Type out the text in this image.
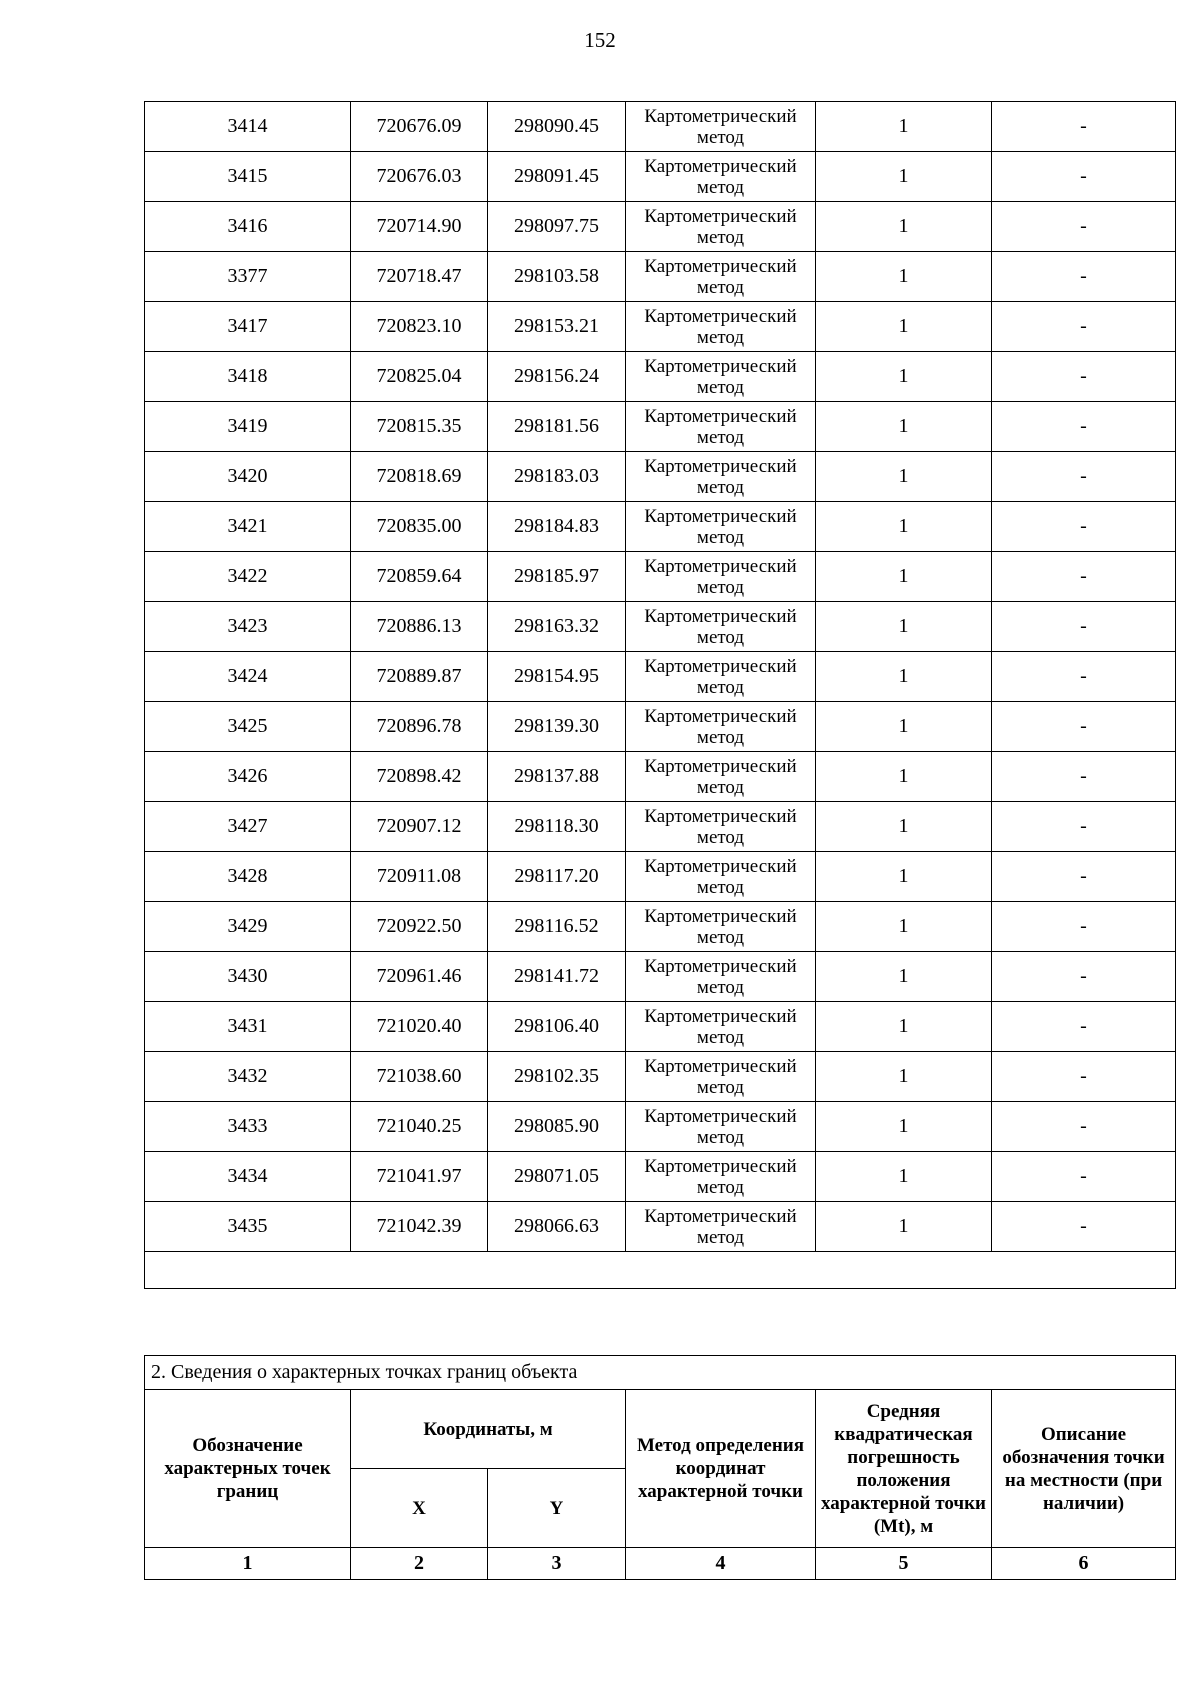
152
3414	720676.09	298090.45	Картометрический метод	1	-
3415	720676.03	298091.45	Картометрический метод	1	-
3416	720714.90	298097.75	Картометрический метод	1	-
3377	720718.47	298103.58	Картометрический метод	1	-
3417	720823.10	298153.21	Картометрический метод	1	-
3418	720825.04	298156.24	Картометрический метод	1	-
3419	720815.35	298181.56	Картометрический метод	1	-
3420	720818.69	298183.03	Картометрический метод	1	-
3421	720835.00	298184.83	Картометрический метод	1	-
3422	720859.64	298185.97	Картометрический метод	1	-
3423	720886.13	298163.32	Картометрический метод	1	-
3424	720889.87	298154.95	Картометрический метод	1	-
3425	720896.78	298139.30	Картометрический метод	1	-
3426	720898.42	298137.88	Картометрический метод	1	-
3427	720907.12	298118.30	Картометрический метод	1	-
3428	720911.08	298117.20	Картометрический метод	1	-
3429	720922.50	298116.52	Картометрический метод	1	-
3430	720961.46	298141.72	Картометрический метод	1	-
3431	721020.40	298106.40	Картометрический метод	1	-
3432	721038.60	298102.35	Картометрический метод	1	-
3433	721040.25	298085.90	Картометрический метод	1	-
3434	721041.97	298071.05	Картометрический метод	1	-
3435	721042.39	298066.63	Картометрический метод	1	-

2. Сведения о характерных точках границ объекта					
Обозначение характерных точек границ	Координаты, м		Метод определения координат характерной точки	Средняя квадратическая погрешность положения характерной точки (Mt), м	Описание обозначения точки на местности (при наличии)
	X	Y			
1	2	3	4	5	6
